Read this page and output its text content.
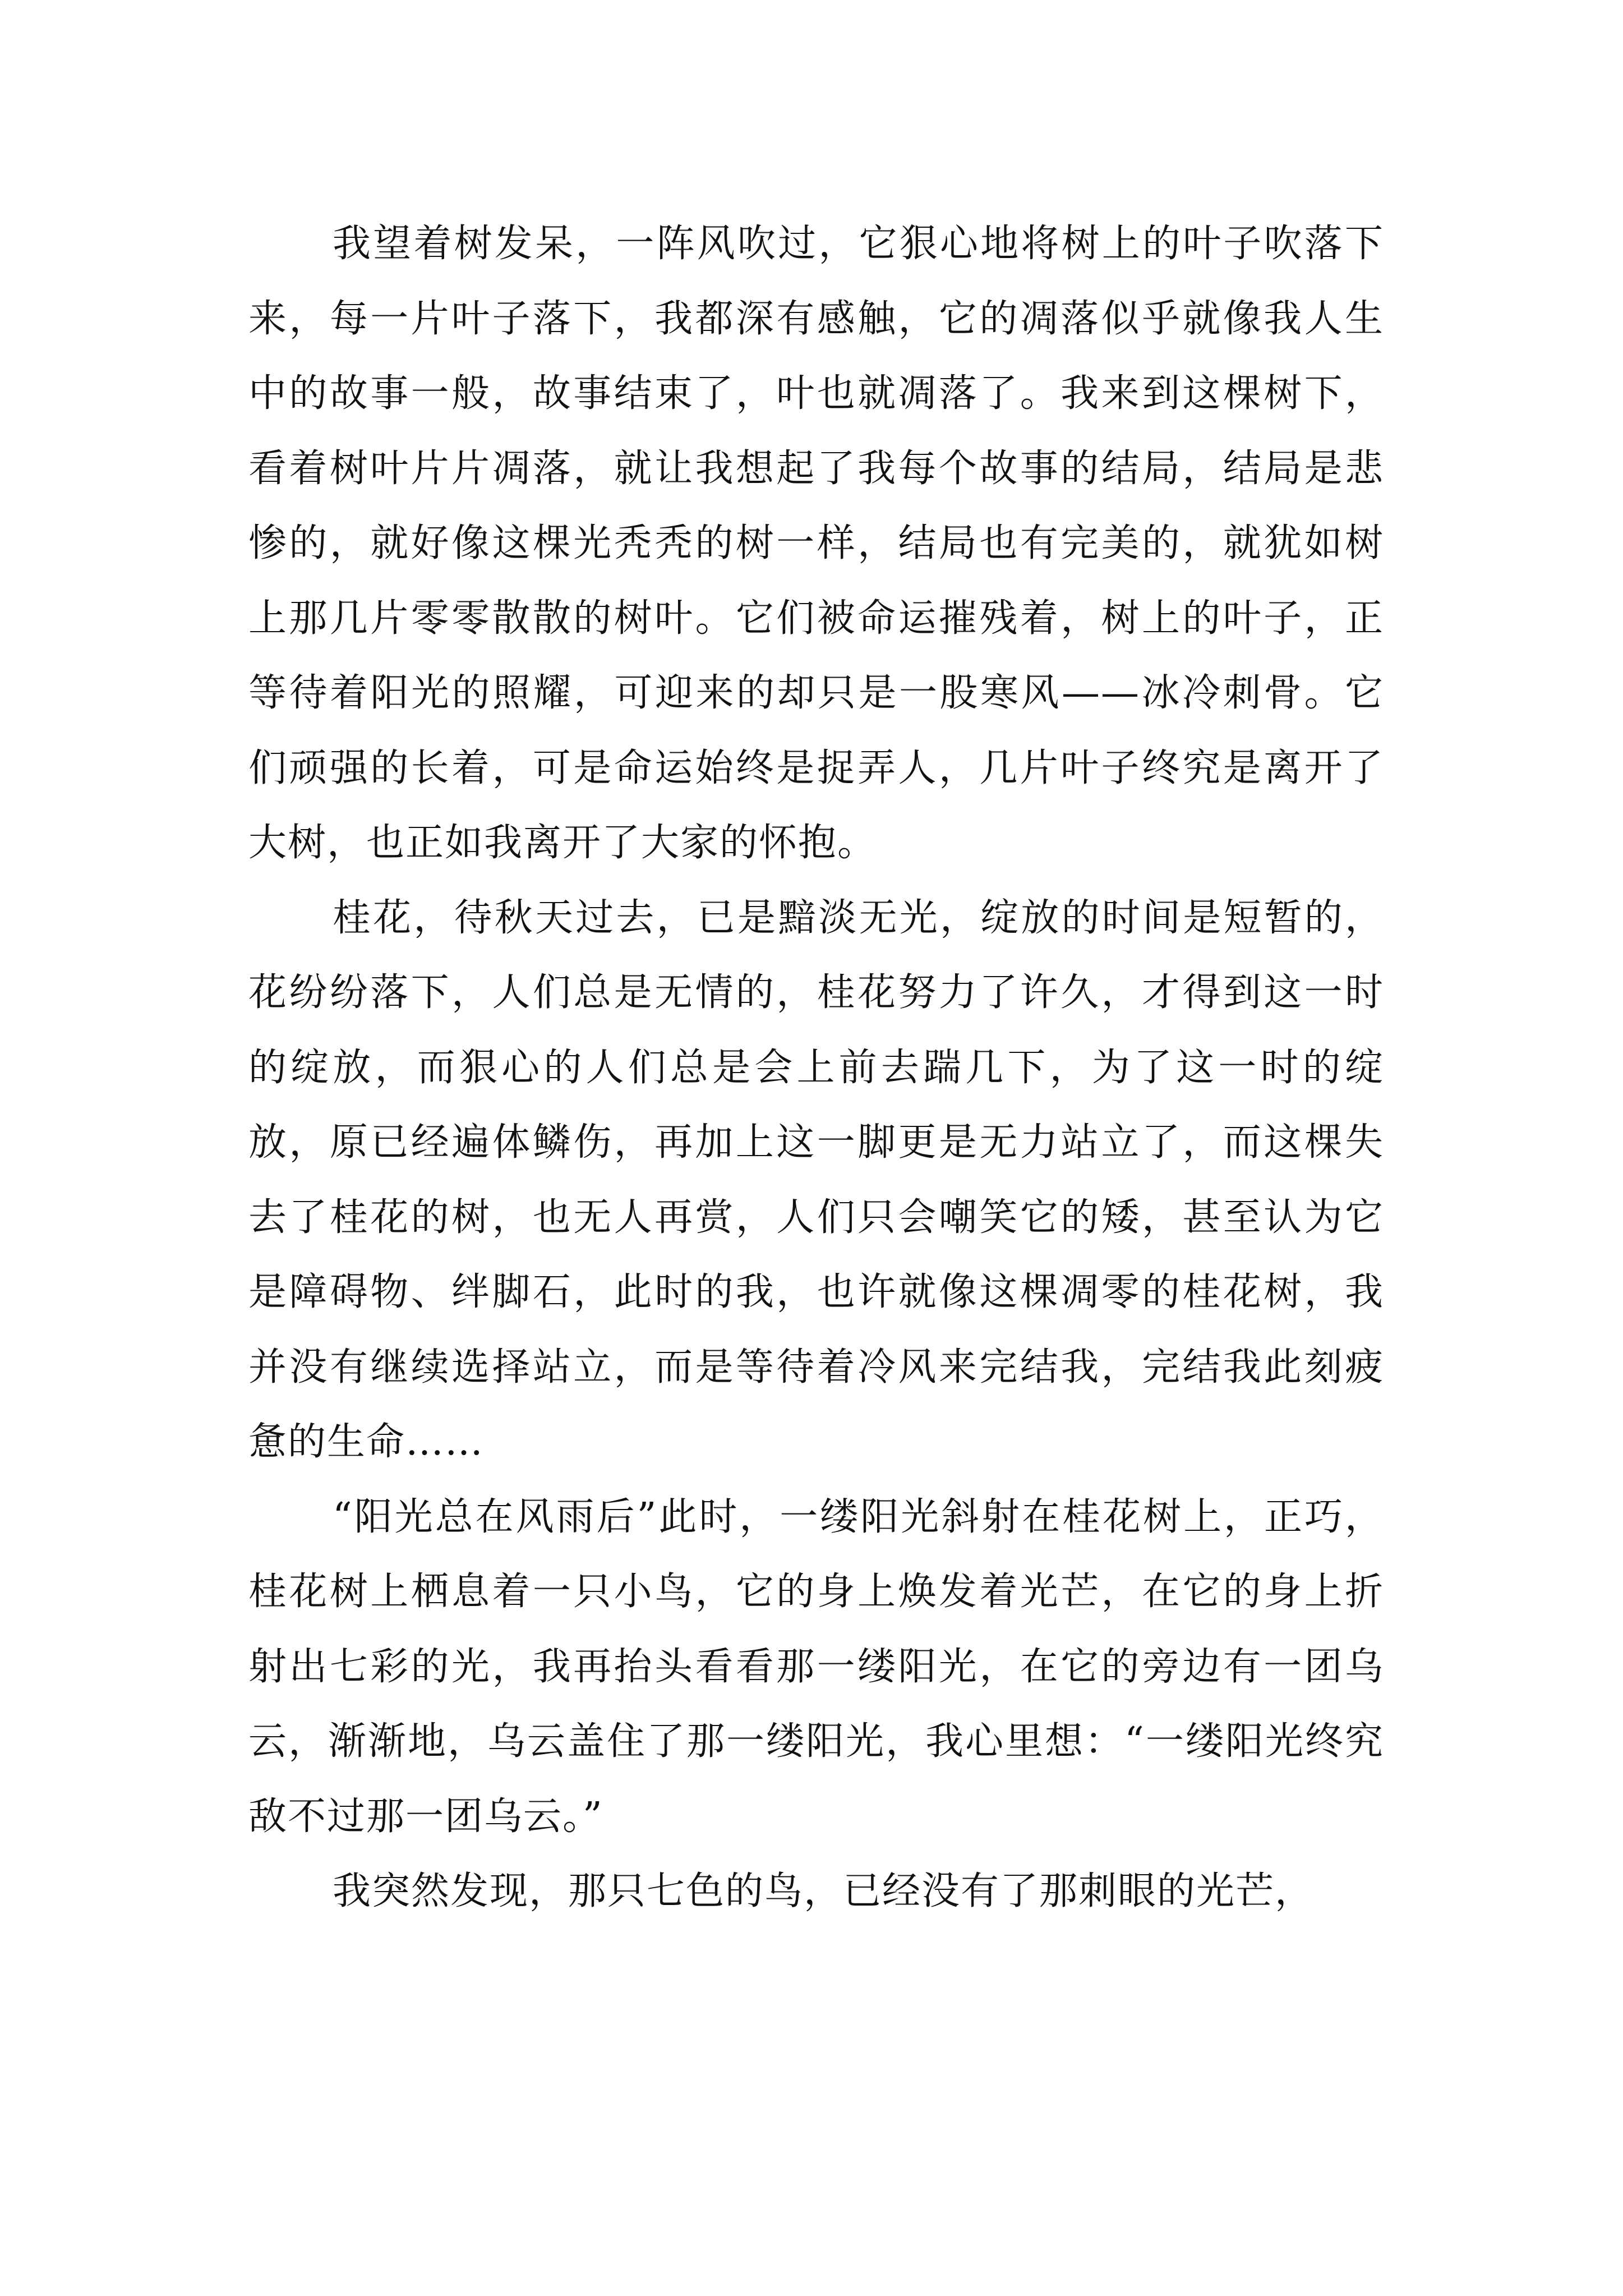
我望着树发呆，一阵风吹过，它狠心地将树上的叶子吹落下来，每一片叶子落下，我都深有感触，它的凋落似乎就像我人生中的故事一般，故事结束了，叶也就凋落了。我来到这棵树下，看着树叶片片凋落，就让我想起了我每个故事的结局，结局是悲惨的，就好像这棵光秃秃的树一样，结局也有完美的，就犹如树上那几片零零散散的树叶。它们被命运摧残着，树上的叶子，正等待着阳光的照耀，可迎来的却只是一股寒风——冰冷刺骨。它们顽强的长着，可是命运始终是捉弄人，几片叶子终究是离开了大树，也正如我离开了大家的怀抱。

桂花，待秋天过去，已是黯淡无光，绽放的时间是短暂的，花纷纷落下，人们总是无情的，桂花努力了许久，才得到这一时的绽放，而狠心的人们总是会上前去踹几下，为了这一时的绽放，原已经遍体鳞伤，再加上这一脚更是无力站立了，而这棵失去了桂花的树，也无人再赏，人们只会嘲笑它的矮，甚至认为它是障碍物、绊脚石，此时的我，也许就像这棵凋零的桂花树，我并没有继续选择站立，而是等待着冷风来完结我，完结我此刻疲惫的生命……

“阳光总在风雨后”此时，一缕阳光斜射在桂花树上，正巧，桂花树上栖息着一只小鸟，它的身上焕发着光芒，在它的身上折射出七彩的光，我再抬头看看那一缕阳光，在它的旁边有一团乌云，渐渐地，乌云盖住了那一缕阳光，我心里想：“一缕阳光终究敌不过那一团乌云。”

我突然发现，那只七色的鸟，已经没有了那刺眼的光芒，
